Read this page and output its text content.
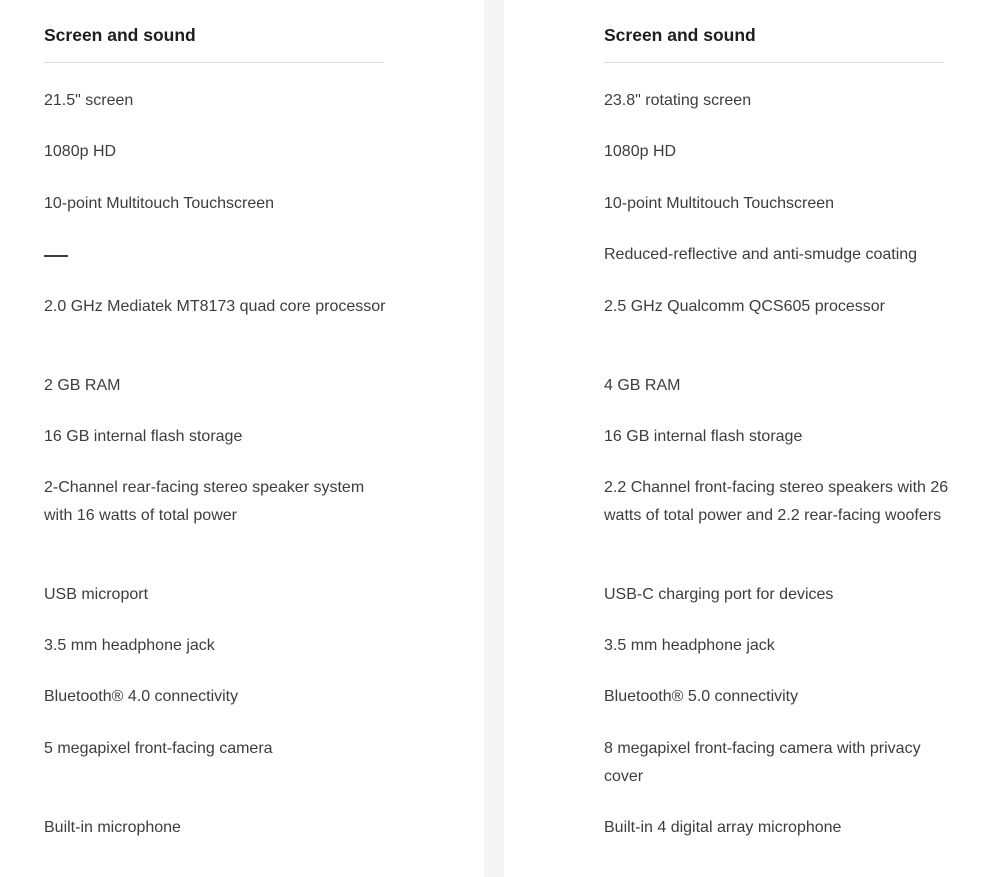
Screen and sound
21.5" screen
1080p HD
10-point Multitouch Touchscreen
2.0 GHz Mediatek MT8173 quad core processor
2 GB RAM
16 GB internal flash storage
2-Channel rear-facing stereo speaker system with 16 watts of total power
USB microport
3.5 mm headphone jack
Bluetooth® 4.0 connectivity
5 megapixel front-facing camera
Built-in microphone
Screen and sound
23.8" rotating screen
1080p HD
10-point Multitouch Touchscreen
Reduced-reflective and anti-smudge coating
2.5 GHz Qualcomm QCS605 processor
4 GB RAM
16 GB internal flash storage
2.2 Channel front-facing stereo speakers with 26 watts of total power and 2.2 rear-facing woofers
USB-C charging port for devices
3.5 mm headphone jack
Bluetooth® 5.0 connectivity
8 megapixel front-facing camera with privacy cover
Built-in 4 digital array microphone
